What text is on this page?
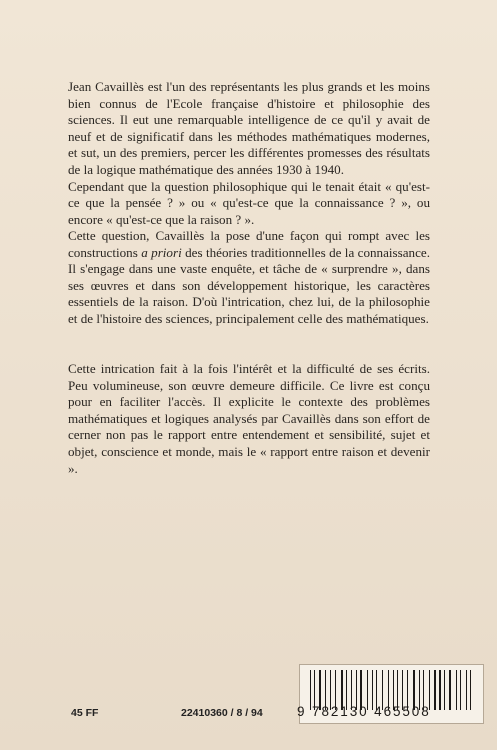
Jean Cavaillès est l'un des représentants les plus grands et les moins bien connus de l'Ecole française d'histoire et philosophie des sciences. Il eut une remarquable intelligence de ce qu'il y avait de neuf et de significatif dans les méthodes mathématiques modernes, et sut, un des premiers, percer les différentes promesses des résultats de la logique mathématique des années 1930 à 1940.

Cependant que la question philosophique qui le tenait était « qu'est-ce que la pensée ? » ou « qu'est-ce que la connaissance ? », ou encore « qu'est-ce que la raison ? ».

Cette question, Cavaillès la pose d'une façon qui rompt avec les constructions a priori des théories traditionnelles de la connaissance. Il s'engage dans une vaste enquête, et tâche de « surprendre », dans ses œuvres et dans son développement historique, les caractères essentiels de la raison. D'où l'intrication, chez lui, de la philosophie et de l'histoire des sciences, principalement celle des mathématiques.

Cette intrication fait à la fois l'intérêt et la difficulté de ses écrits. Peu volumineuse, son œuvre demeure difficile. Ce livre est conçu pour en faciliter l'accès. Il explicite le contexte des problèmes mathématiques et logiques analysés par Cavaillès dans son effort de cerner non pas le rapport entre entendement et sensibilité, sujet et objet, conscience et monde, mais le « rapport entre raison et devenir ».

45 FF	22410360 / 8 / 94	9 782130 465508
